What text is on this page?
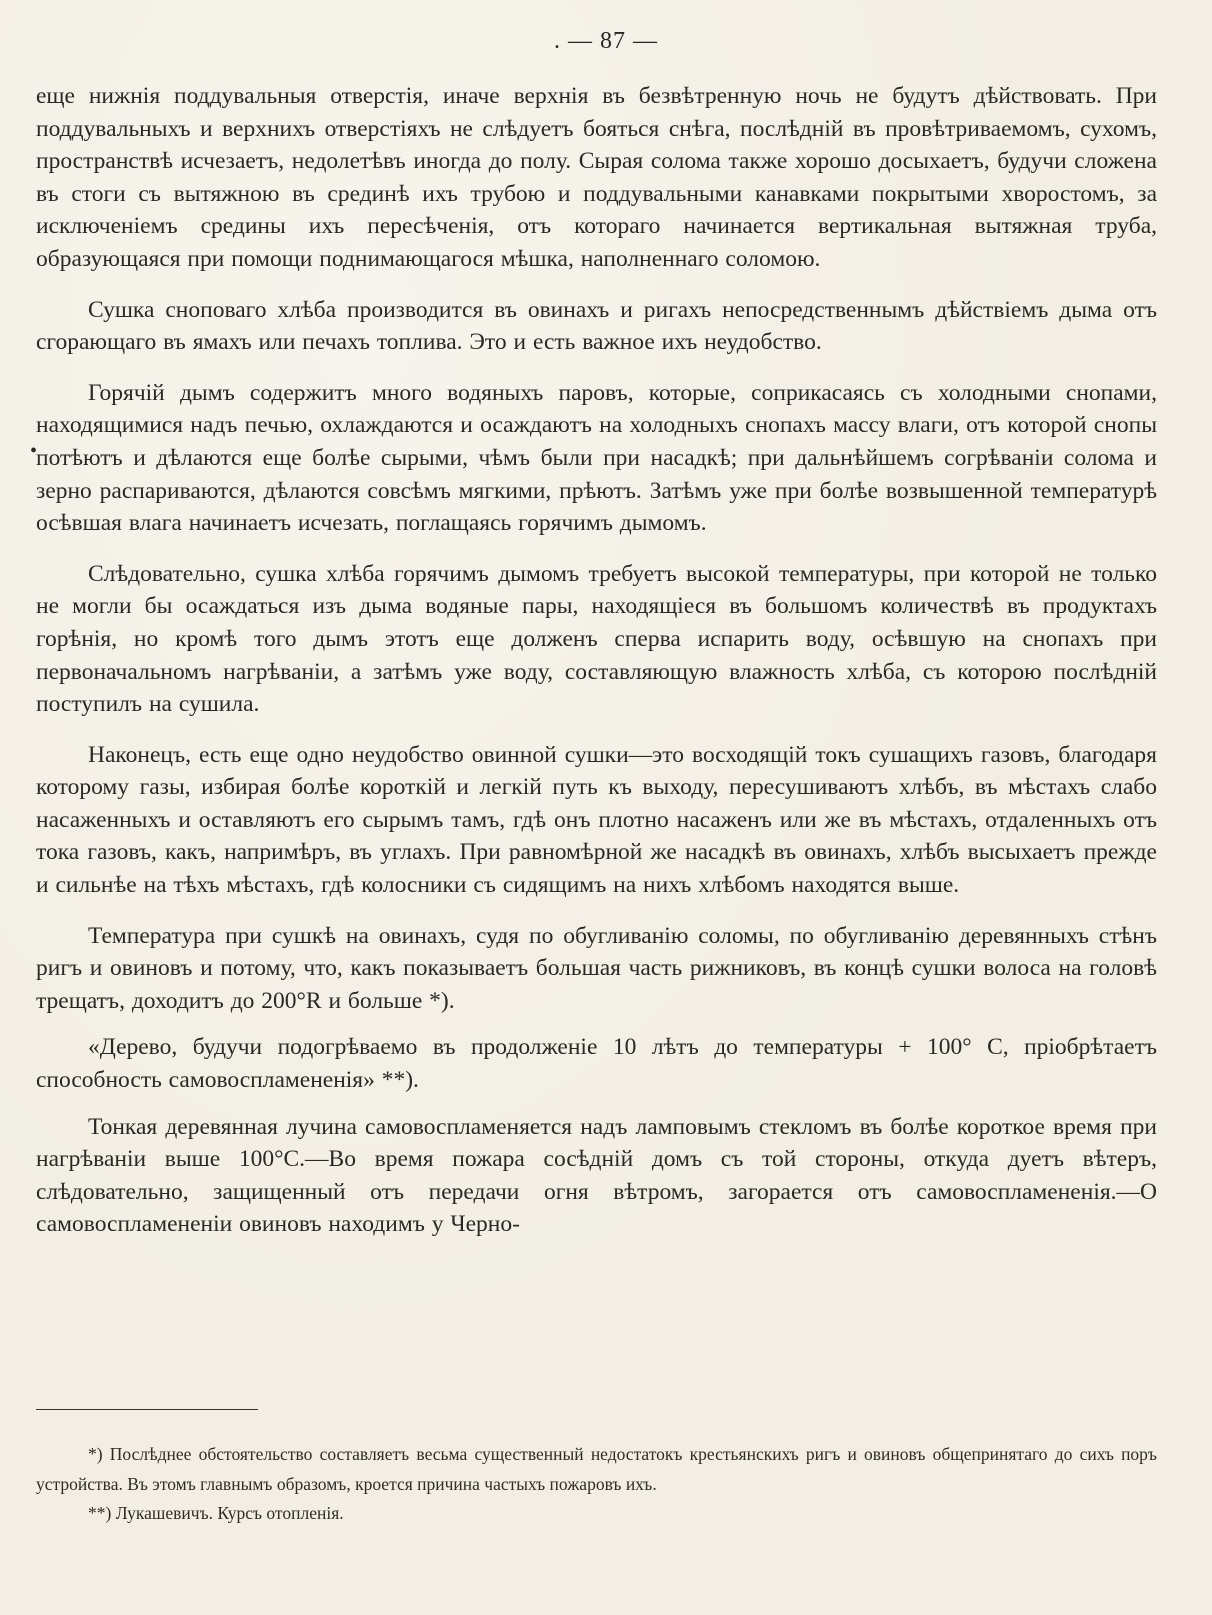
. — 87 —
•

еще нижнія поддувальныя отверстія, иначе верхнія въ безвѣтренную ночь не будутъ дѣйствовать. При поддувальныхъ и верхнихъ отверстіяхъ не слѣдуетъ бояться снѣга, послѣдній въ провѣтриваемомъ, сухомъ, пространствѣ исчезаетъ, недолетѣвъ иногда до полу. Сырая солома также хорошо досыхаетъ, будучи сложена въ стоги съ вытяжною въ срединѣ ихъ трубою и поддувальными канавками покрытыми хворостомъ, за исключеніемъ средины ихъ пересѣченія, отъ котораго начинается вертикальная вытяжная труба, образующаяся при помощи поднимающагося мѣшка, наполненнаго соломою.

Сушка сноповаго хлѣба производится въ овинахъ и ригахъ непосредственнымъ дѣйствіемъ дыма отъ сгорающаго въ ямахъ или печахъ топлива. Это и есть важное ихъ неудобство.

Горячій дымъ содержитъ много водяныхъ паровъ, которые, соприкасаясь съ холодными снопами, находящимися надъ печью, охлаждаются и осаждаютъ на холодныхъ снопахъ массу влаги, отъ которой снопы потѣютъ и дѣлаются еще болѣе сырыми, чѣмъ были при насадкѣ; при дальнѣйшемъ согрѣваніи солома и зерно распариваются, дѣлаются совсѣмъ мягкими, прѣютъ. Затѣмъ уже при болѣе возвышенной температурѣ осѣвшая влага начинаетъ исчезать, поглащаясь горячимъ дымомъ.

Слѣдовательно, сушка хлѣба горячимъ дымомъ требуетъ высокой температуры, при которой не только не могли бы осаждаться изъ дыма водяные пары, находящіеся въ большомъ количествѣ въ продуктахъ горѣнія, но кромѣ того дымъ этотъ еще долженъ сперва испарить воду, осѣвшую на снопахъ при первоначальномъ нагрѣваніи, а затѣмъ уже воду, составляющую влажность хлѣба, съ которою послѣдній поступилъ на сушила.

Наконецъ, есть еще одно неудобство овинной сушки—это восходящій токъ сушащихъ газовъ, благодаря которому газы, избирая болѣе короткій и легкій путь къ выходу, пересушиваютъ хлѣбъ, въ мѣстахъ слабо насаженныхъ и оставляютъ его сырымъ тамъ, гдѣ онъ плотно насаженъ или же въ мѣстахъ, отдаленныхъ отъ тока газовъ, какъ, напримѣръ, въ углахъ. При равномѣрной же насадкѣ въ овинахъ, хлѣбъ высыхаетъ прежде и сильнѣе на тѣхъ мѣстахъ, гдѣ колосники съ сидящимъ на нихъ хлѣбомъ находятся выше.

Температура при сушкѣ на овинахъ, судя по обугливанію соломы, по обугливанію деревянныхъ стѣнъ ригъ и овиновъ и потому, что, какъ показываетъ большая часть рижниковъ, въ концѣ сушки волоса на головѣ трещатъ, доходитъ до 200°R и больше *).

«Дерево, будучи подогрѣваемо въ продолженіе 10 лѣтъ до температуры + 100° C, пріобрѣтаетъ способность самовоспламененія» **).

Тонкая деревянная лучина самовоспламеняется надъ ламповымъ стекломъ въ болѣе короткое время при нагрѣваніи выше 100°C.—Во время пожара сосѣдній домъ съ той стороны, откуда дуетъ вѣтеръ, слѣдовательно, защищенный отъ передачи огня вѣтромъ, загорается отъ самовоспламененія.—О самовоспламененіи овиновъ находимъ у Черно-

*) Послѣднее обстоятельство составляетъ весьма существенный недостатокъ крестьянскихъ ригъ и овиновъ общепринятаго до сихъ поръ устройства. Въ этомъ главнымъ образомъ, кроется причина частыхъ пожаровъ ихъ.

**) Лукашевичъ. Курсъ отопленія.
